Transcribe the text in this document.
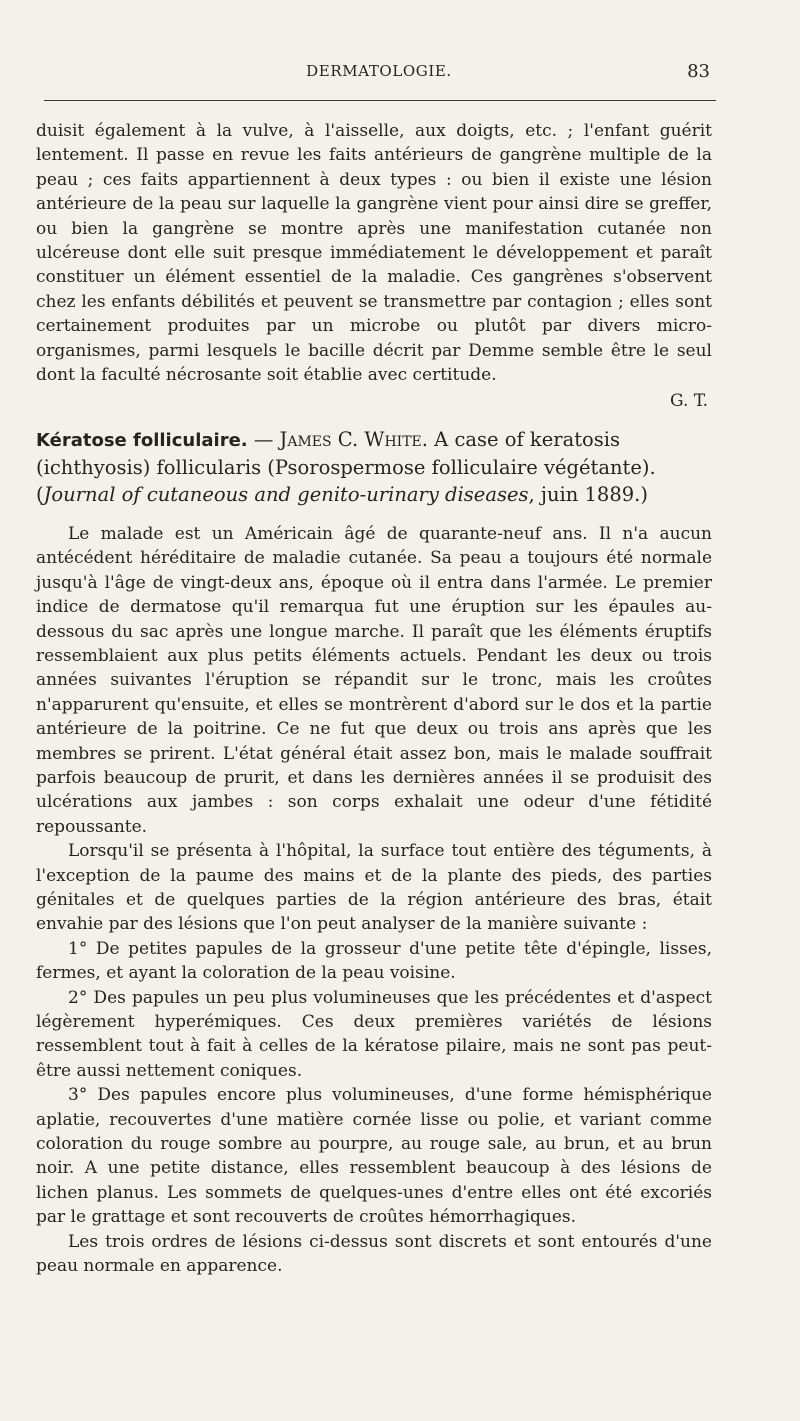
DERMATOLOGIE.	83

duisit également à la vulve, à l'aisselle, aux doigts, etc. ; l'enfant guérit lentement. Il passe en revue les faits antérieurs de gangrène multiple de la peau ; ces faits appartiennent à deux types : ou bien il existe une lésion antérieure de la peau sur laquelle la gangrène vient pour ainsi dire se greffer, ou bien la gangrène se montre après une manifestation cutanée non ulcéreuse dont elle suit presque immédiatement le développement et paraît constituer un élément essentiel de la maladie. Ces gangrènes s'observent chez les enfants débilités et peuvent se transmettre par contagion ; elles sont certainement produites par un microbe ou plutôt par divers micro-organismes, parmi lesquels le bacille décrit par Demme semble être le seul dont la faculté nécrosante soit établie avec certitude.

G. T.
Kératose folliculaire. — James C. White. A case of keratosis (ichthyosis) follicularis (Psorospermose folliculaire végétante). (Journal of cutaneous and genito-urinary diseases, juin 1889.)

Le malade est un Américain âgé de quarante-neuf ans. Il n'a aucun antécédent héréditaire de maladie cutanée. Sa peau a toujours été normale jusqu'à l'âge de vingt-deux ans, époque où il entra dans l'armée. Le premier indice de dermatose qu'il remarqua fut une éruption sur les épaules au-dessous du sac après une longue marche. Il paraît que les éléments éruptifs ressemblaient aux plus petits éléments actuels. Pendant les deux ou trois années suivantes l'éruption se répandit sur le tronc, mais les croûtes n'apparurent qu'ensuite, et elles se montrèrent d'abord sur le dos et la partie antérieure de la poitrine. Ce ne fut que deux ou trois ans après que les membres se prirent. L'état général était assez bon, mais le malade souffrait parfois beaucoup de prurit, et dans les dernières années il se produisit des ulcérations aux jambes : son corps exhalait une odeur d'une fétidité repoussante.

Lorsqu'il se présenta à l'hôpital, la surface tout entière des téguments, à l'exception de la paume des mains et de la plante des pieds, des parties génitales et de quelques parties de la région antérieure des bras, était envahie par des lésions que l'on peut analyser de la manière suivante :

1° De petites papules de la grosseur d'une petite tête d'épingle, lisses, fermes, et ayant la coloration de la peau voisine.

2° Des papules un peu plus volumineuses que les précédentes et d'aspect légèrement hyperémiques. Ces deux premières variétés de lésions ressemblent tout à fait à celles de la kératose pilaire, mais ne sont pas peut-être aussi nettement coniques.

3° Des papules encore plus volumineuses, d'une forme hémisphérique aplatie, recouvertes d'une matière cornée lisse ou polie, et variant comme coloration du rouge sombre au pourpre, au rouge sale, au brun, et au brun noir. A une petite distance, elles ressemblent beaucoup à des lésions de lichen planus. Les sommets de quelques-unes d'entre elles ont été excoriés par le grattage et sont recouverts de croûtes hémorrhagiques.

Les trois ordres de lésions ci-dessus sont discrets et sont entourés d'une peau normale en apparence.
